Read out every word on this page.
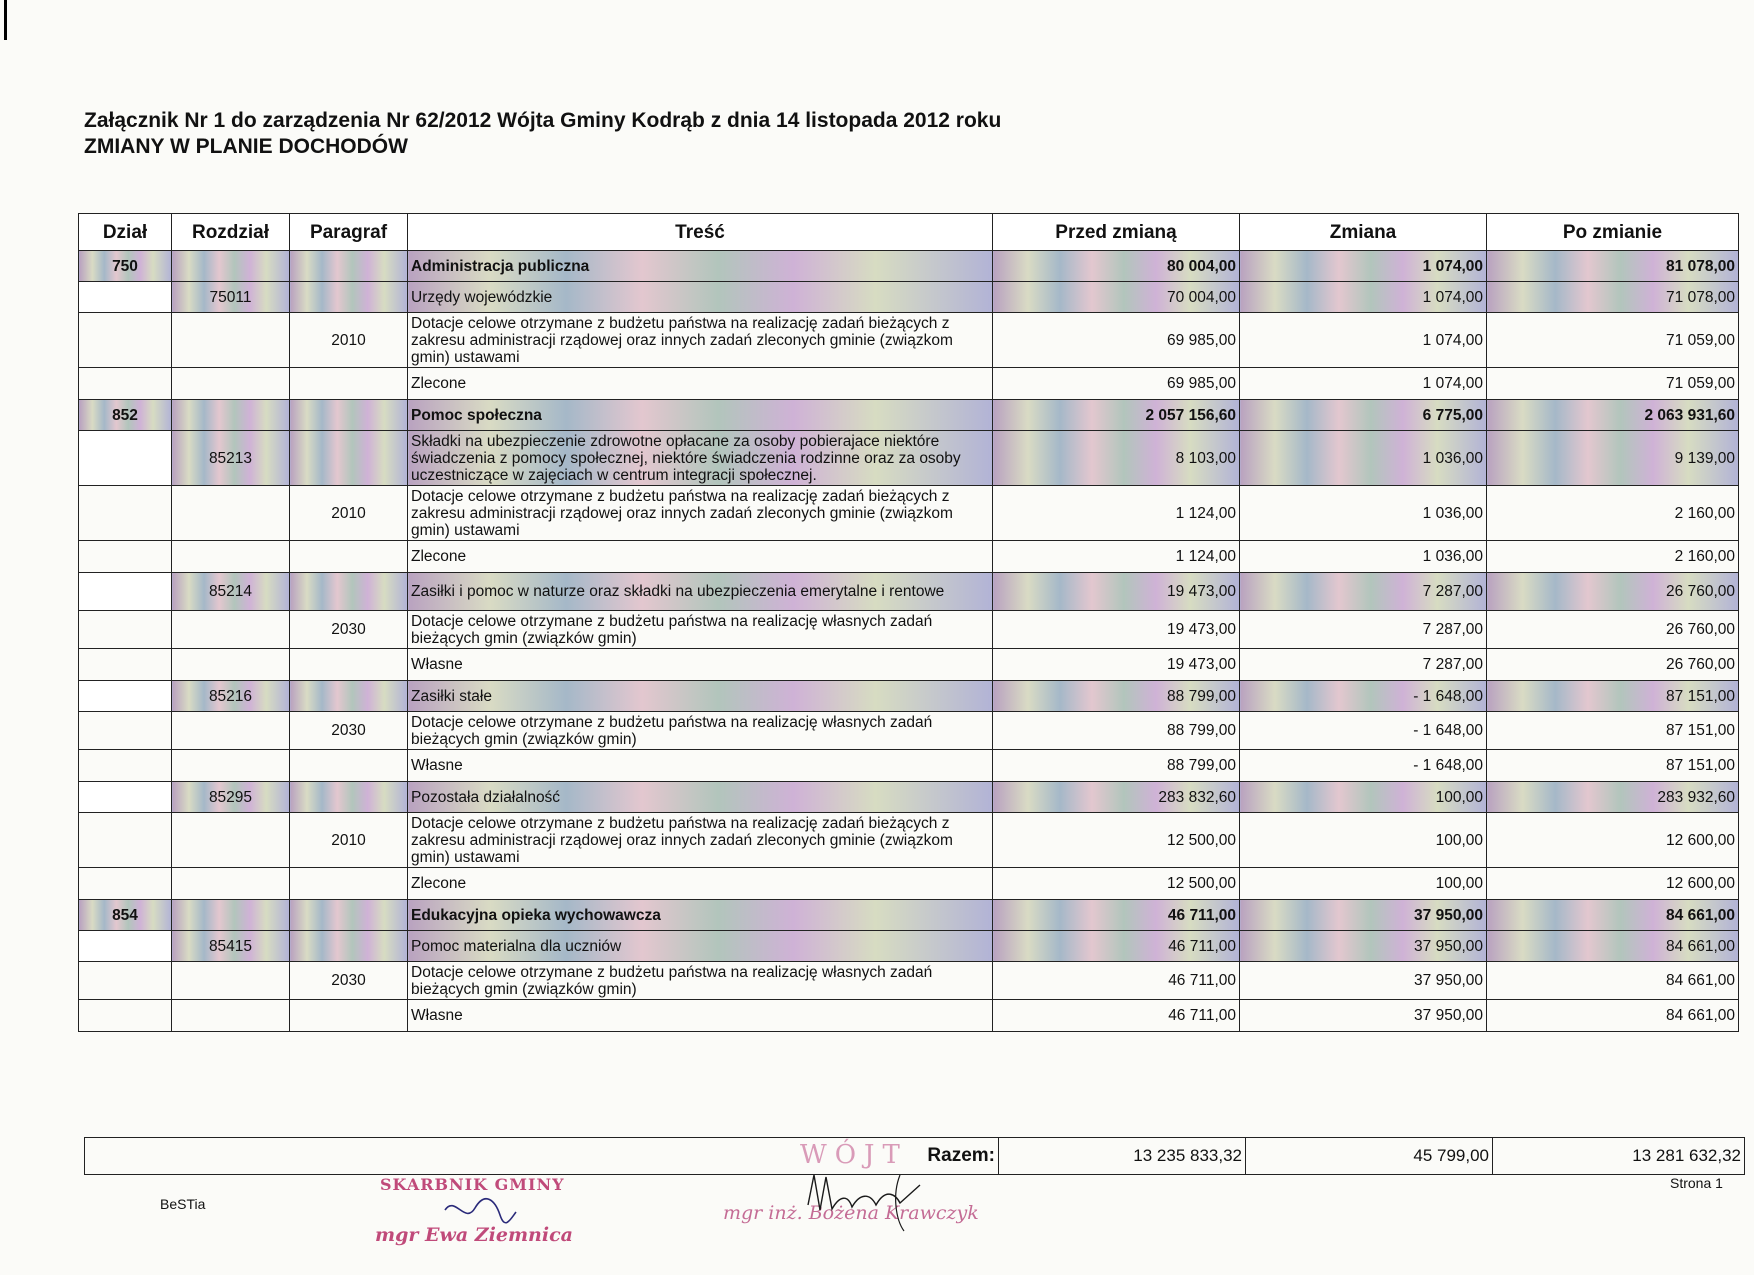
Załącznik Nr 1 do zarządzenia Nr 62/2012 Wójta Gminy Kodrąb z dnia 14 listopada 2012 roku
ZMIANY W PLANIE DOCHODÓW
Dział	Rozdział	Paragraf	Treść	Przed zmianą	Zmiana	Po zmianie
750			Administracja publiczna	80 004,00	1 074,00	81 078,00
	75011		Urzędy wojewódzkie	70 004,00	1 074,00	71 078,00
		2010	Dotacje celowe otrzymane z budżetu państwa na realizację zadań bieżących z zakresu administracji rządowej oraz innych zadań zleconych gminie (związkom gmin) ustawami	69 985,00	1 074,00	71 059,00
			Zlecone	69 985,00	1 074,00	71 059,00
852			Pomoc społeczna	2 057 156,60	6 775,00	2 063 931,60
	85213		Składki na ubezpieczenie zdrowotne opłacane za osoby pobierajace niektóre świadczenia z pomocy społecznej, niektóre świadczenia rodzinne oraz za osoby uczestniczące w zajęciach w centrum integracji społecznej.	8 103,00	1 036,00	9 139,00
		2010	Dotacje celowe otrzymane z budżetu państwa na realizację zadań bieżących z zakresu administracji rządowej oraz innych zadań zleconych gminie (związkom gmin) ustawami	1 124,00	1 036,00	2 160,00
			Zlecone	1 124,00	1 036,00	2 160,00
	85214		Zasiłki i pomoc w naturze oraz składki na ubezpieczenia emerytalne i rentowe	19 473,00	7 287,00	26 760,00
		2030	Dotacje celowe otrzymane z budżetu państwa na realizację własnych zadań bieżących gmin (związków gmin)	19 473,00	7 287,00	26 760,00
			Własne	19 473,00	7 287,00	26 760,00
	85216		Zasiłki stałe	88 799,00	- 1 648,00	87 151,00
		2030	Dotacje celowe otrzymane z budżetu państwa na realizację własnych zadań bieżących gmin (związków gmin)	88 799,00	- 1 648,00	87 151,00
			Własne	88 799,00	- 1 648,00	87 151,00
	85295		Pozostała działalność	283 832,60	100,00	283 932,60
		2010	Dotacje celowe otrzymane z budżetu państwa na realizację zadań bieżących z zakresu administracji rządowej oraz innych zadań zleconych gminie (związkom gmin) ustawami	12 500,00	100,00	12 600,00
			Zlecone	12 500,00	100,00	12 600,00
854			Edukacyjna opieka wychowawcza	46 711,00	37 950,00	84 661,00
	85415		Pomoc materialna dla uczniów	46 711,00	37 950,00	84 661,00
		2030	Dotacje celowe otrzymane z budżetu państwa na realizację własnych zadań bieżących gmin (związków gmin)	46 711,00	37 950,00	84 661,00
			Własne	46 711,00	37 950,00	84 661,00
Razem:	13 235 833,32	45 799,00	13 281 632,32
BeSTia
Strona 1
SKARBNIK GMINY
mgr Ewa Ziemnica
WÓJT
mgr inż. Bożena Krawczyk
